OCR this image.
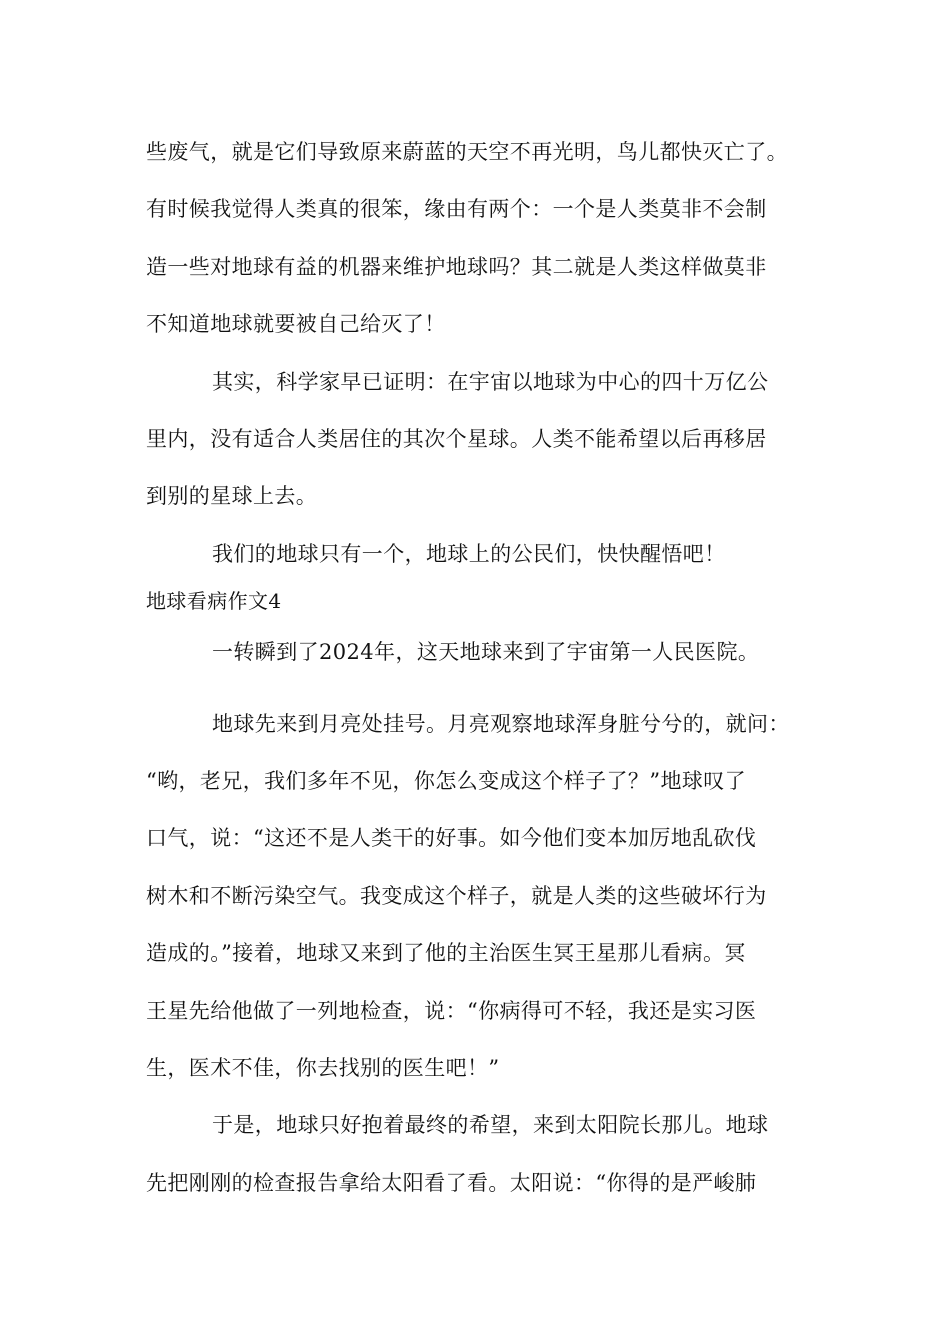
些废气，就是它们导致原来蔚蓝的天空不再光明，鸟儿都快灭亡了。
有时候我觉得人类真的很笨，缘由有两个：一个是人类莫非不会制
造一些对地球有益的机器来维护地球吗？其二就是人类这样做莫非
不知道地球就要被自己给灭了！
其实，科学家早已证明：在宇宙以地球为中心的四十万亿公
里内，没有适合人类居住的其次个星球。人类不能希望以后再移居
到别的星球上去。
我们的地球只有一个，地球上的公民们，快快醒悟吧！
地球看病作文4
一转瞬到了2024年，这天地球来到了宇宙第一人民医院。
地球先来到月亮处挂号。月亮观察地球浑身脏兮兮的，就问：
“哟，老兄，我们多年不见，你怎么变成这个样子了？”地球叹了
口气，说：“这还不是人类干的好事。如今他们变本加厉地乱砍伐
树木和不断污染空气。我变成这个样子，就是人类的这些破坏行为
造成的。”接着，地球又来到了他的主治医生冥王星那儿看病。冥
王星先给他做了一列地检查，说：“你病得可不轻，我还是实习医
生，医术不佳，你去找别的医生吧！”
于是，地球只好抱着最终的希望，来到太阳院长那儿。地球
先把刚刚的检查报告拿给太阳看了看。太阳说：“你得的是严峻肺
